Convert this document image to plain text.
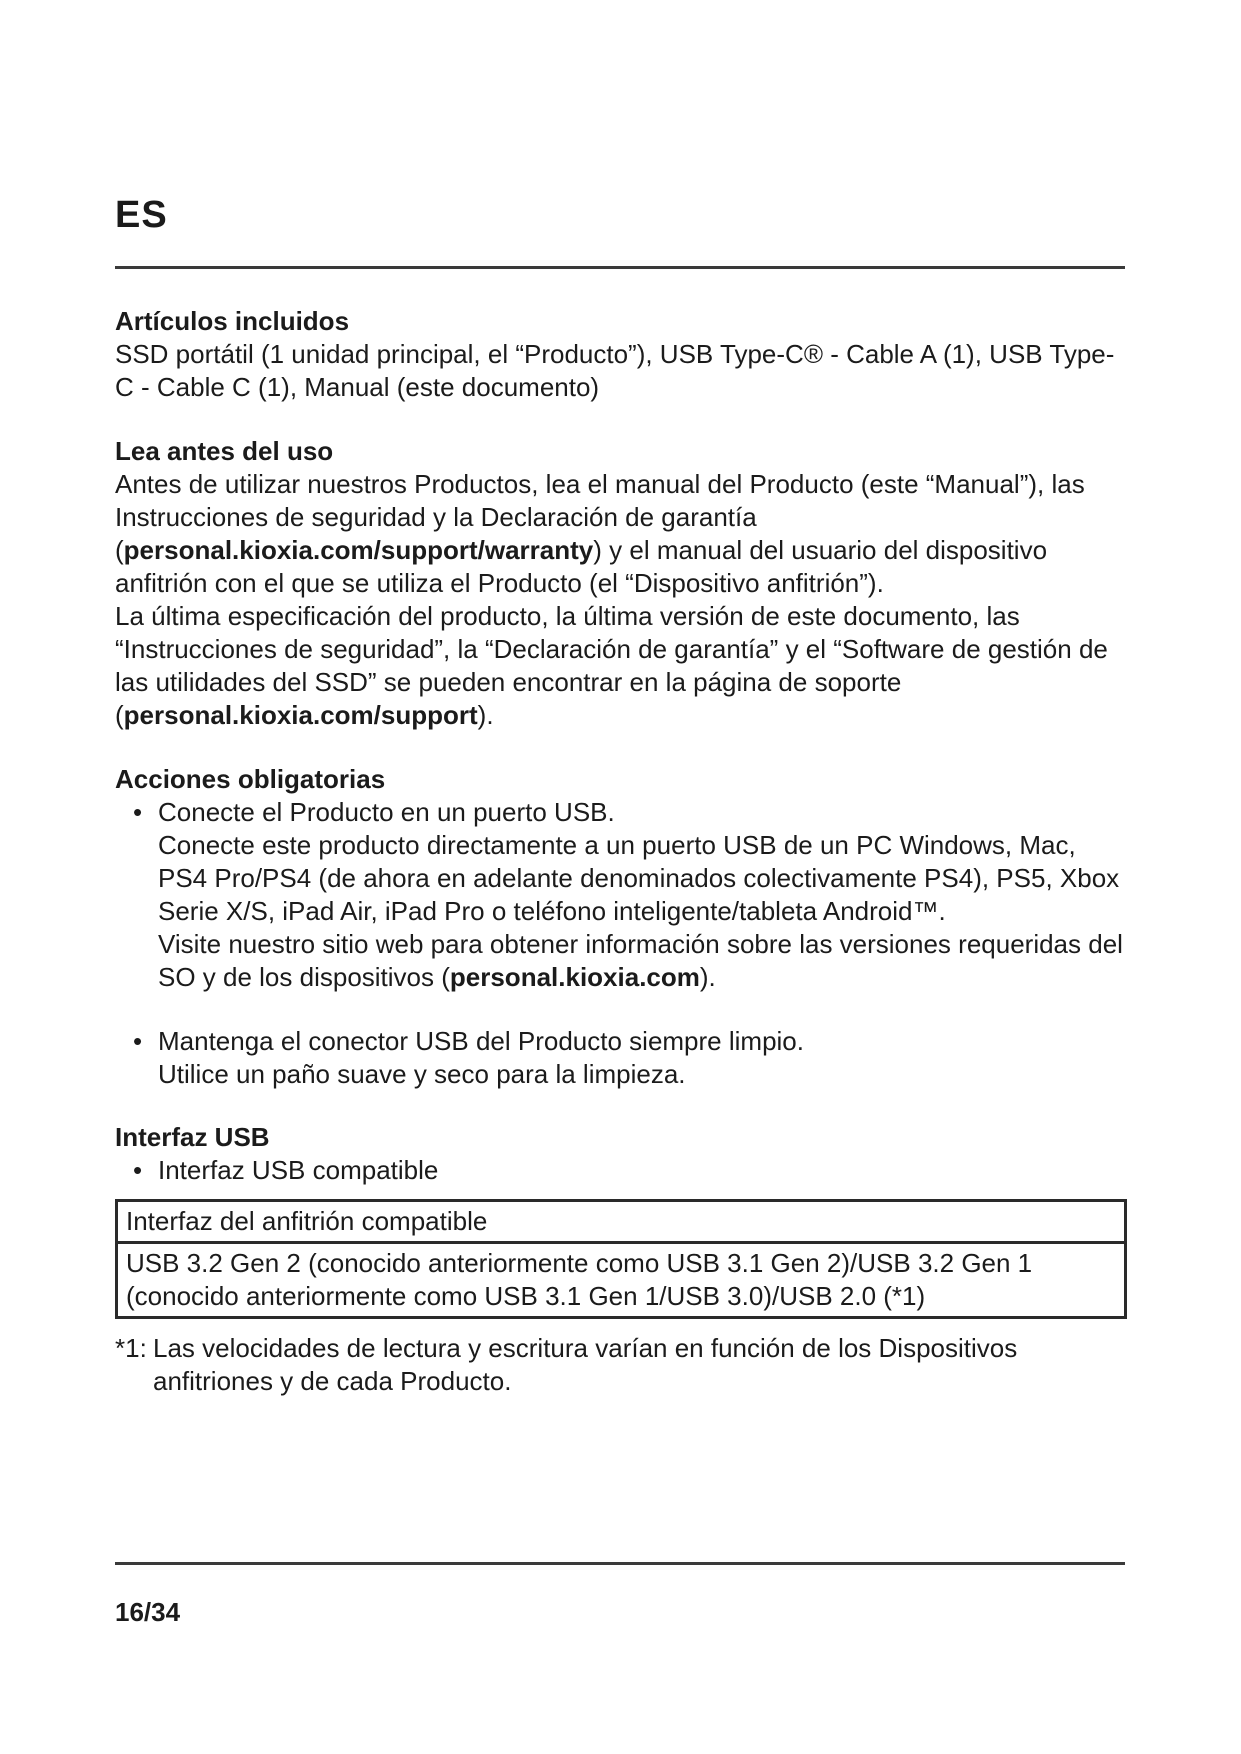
ES
Artículos incluidos

SSD portátil (1 unidad principal, el “Producto”), USB Type-C® - Cable A (1), USB Type-C - Cable C (1), Manual (este documento)

Lea antes del uso

Antes de utilizar nuestros Productos, lea el manual del Producto (este “Manual”), las Instrucciones de seguridad y la Declaración de garantía (personal.kioxia.com/support/warranty) y el manual del usuario del dispositivo anfitrión con el que se utiliza el Producto (el “Dispositivo anfitrión”).

La última especificación del producto, la última versión de este documento, las “Instrucciones de seguridad”, la “Declaración de garantía” y el “Software de gestión de las utilidades del SSD” se pueden encontrar en la página de soporte (personal.kioxia.com/support).

Acciones obligatorias
• Conecte el Producto en un puerto USB.

Conecte este producto directamente a un puerto USB de un PC Windows, Mac, PS4 Pro/PS4 (de ahora en adelante denominados colectivamente PS4), PS5, Xbox Serie X/S, iPad Air, iPad Pro o teléfono inteligente/tableta Android™.

Visite nuestro sitio web para obtener información sobre las versiones requeridas del SO y de los dispositivos (personal.kioxia.com).

• Mantenga el conector USB del Producto siempre limpio.

Utilice un paño suave y seco para la limpieza.

Interfaz USB
• Interfaz USB compatible

Interfaz del anfitrión compatible
USB 3.2 Gen 2 (conocido anteriormente como USB 3.1 Gen 2)/USB 3.2 Gen 1 (conocido anteriormente como USB 3.1 Gen 1/USB 3.0)/USB 2.0 (*1)
*1: Las velocidades de lectura y escritura varían en función de los Dispositivos anfitriones y de cada Producto.

16/34
